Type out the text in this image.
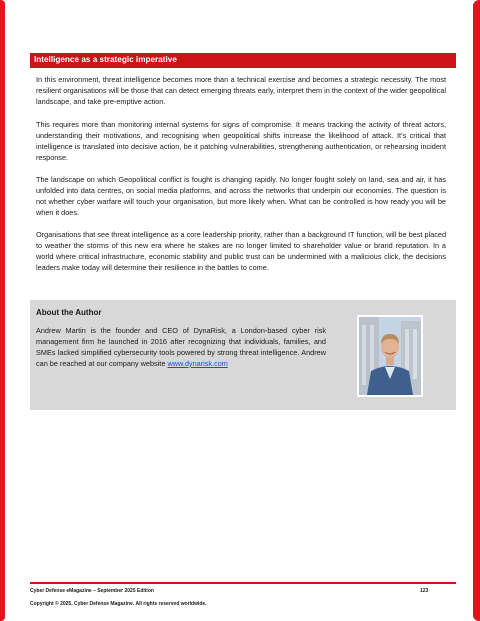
Intelligence as a strategic imperative

In this environment, threat intelligence becomes more than a technical exercise and becomes a strategic necessity. The most resilient organisations will be those that can detect emerging threats early, interpret them in the context of the wider geopolitical landscape, and take pre-emptive action.

This requires more than monitoring internal systems for signs of compromise. It means tracking the activity of threat actors, understanding their motivations, and recognising when geopolitical shifts increase the likelihood of attack. It’s critical that intelligence is translated into decisive action, be it patching vulnerabilities, strengthening authentication, or rehearsing incident response.

The landscape on which Geopolitical conflict is fought is changing rapidly. No longer fought solely on land, sea and air, it has unfolded into data centres, on social media platforms, and across the networks that underpin our economies. The question is not whether cyber warfare will touch your organisation, but more likely when. What can be controlled is how ready you will be when it does.

Organisations that see threat intelligence as a core leadership priority, rather than a background IT function, will be best placed to weather the storms of this new era where he stakes are no longer limited to shareholder value or brand reputation. In a world where critical infrastructure, economic stability and public trust can be undermined with a malicious click, the decisions leaders make today will determine their resilience in the battles to come.

About the Author

Andrew Martin is the founder and CEO of DynaRisk, a London-based cyber risk management firm he launched in 2016 after recognizing that individuals, families, and SMEs lacked simplified cybersecurity tools powered by strong threat intelligence. Andrew can be reached at our company website www.dynarisk.com

Cyber Defense eMagazine – September 2025 Edition	123
Copyright © 2025, Cyber Defense Magazine. All rights reserved worldwide.
